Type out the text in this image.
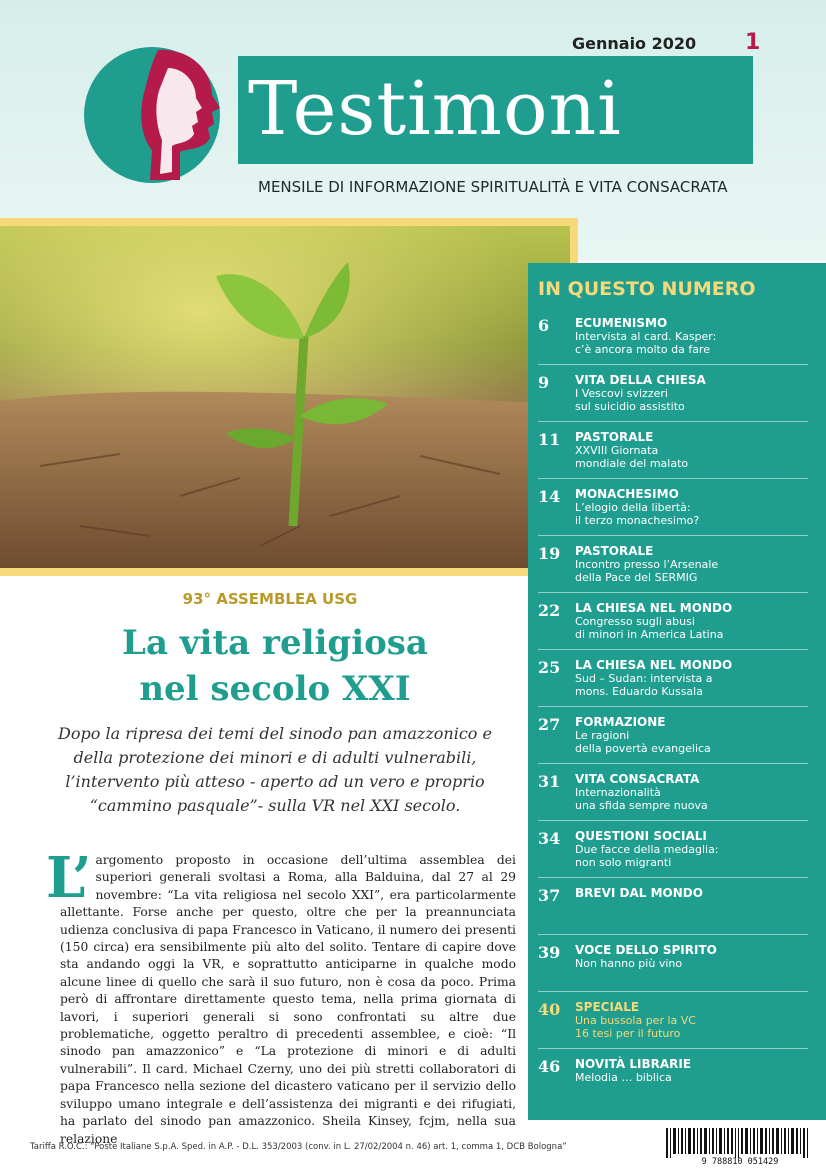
Gennaio 2020 1
Testimoni
MENSILE DI INFORMAZIONE SPIRITUALITÀ E VITA CONSACRATA
IN QUESTO NUMERO
6 ECUMENISMO
Intervista al card. Kasper:
c’è ancora molto da fare
9 VITA DELLA CHIESA
I Vescovi svizzeri
sul suicidio assistito
11 PASTORALE
XXVIII Giornata
mondiale del malato
14 MONACHESIMO
L’elogio della libertà:
il terzo monachesimo?
19 PASTORALE
Incontro presso l’Arsenale
della Pace del SERMIG
22 LA CHIESA NEL MONDO
Congresso sugli abusi
di minori in America Latina
25 LA CHIESA NEL MONDO
Sud – Sudan: intervista a
mons. Eduardo Kussala
27 FORMAZIONE
Le ragioni
della povertà evangelica
31 VITA CONSACRATA
Internazionalità
una sfida sempre nuova
34 QUESTIONI SOCIALI
Due facce della medaglia:
non solo migranti
37 BREVI DAL MONDO
39 VOCE DELLO SPIRITO
Non hanno più vino
40 SPECIALE
Una bussola per la VC
16 tesi per il futuro
46 NOVITÀ LIBRARIE
Melodia … biblica
93° ASSEMBLEA USG
La vita religiosa
nel secolo XXI
Dopo la ripresa dei temi del sinodo pan amazzonico e della protezione dei minori e di adulti vulnerabili, l’intervento più atteso - aperto ad un vero e proprio “cammino pasquale”- sulla VR nel XXI secolo.
L’ argomento proposto in occasione dell’ultima assemblea dei superiori generali svoltasi a Roma, alla Balduina, dal 27 al 29 novembre: “La vita religiosa nel secolo XXI”, era particolarmente allettante. Forse anche per questo, oltre che per la preannunciata udienza conclusiva di papa Francesco in Vaticano, il numero dei presenti (150 circa) era sensibilmente più alto del solito. Tentare di capire dove sta andando oggi la VR, e soprattutto anticiparne in qualche modo alcune linee di quello che sarà il suo futuro, non è cosa da poco. Prima però di affrontare direttamente questo tema, nella prima giornata di lavori, i superiori generali si sono confrontati su altre due problematiche, oggetto peraltro di precedenti assemblee, e cioè: “Il sinodo pan amazzonico” e “La protezione di minori e di adulti vulnerabili”. Il card. Michael Czerny, uno dei più stretti collaboratori di papa Francesco nella sezione del dicastero vaticano per il servizio dello sviluppo umano integrale e dell’assistenza dei migranti e dei rifugiati, ha parlato del sinodo pan amazzonico. Sheila Kinsey, fcjm, nella sua relazione
Tariffa R.O.C.: “Poste Italiane S.p.A. Sped. in A.P. - D.L. 353/2003 (conv. in L. 27/02/2004 n. 46) art. 1, comma 1, DCB Bologna”
9 788810 051429
